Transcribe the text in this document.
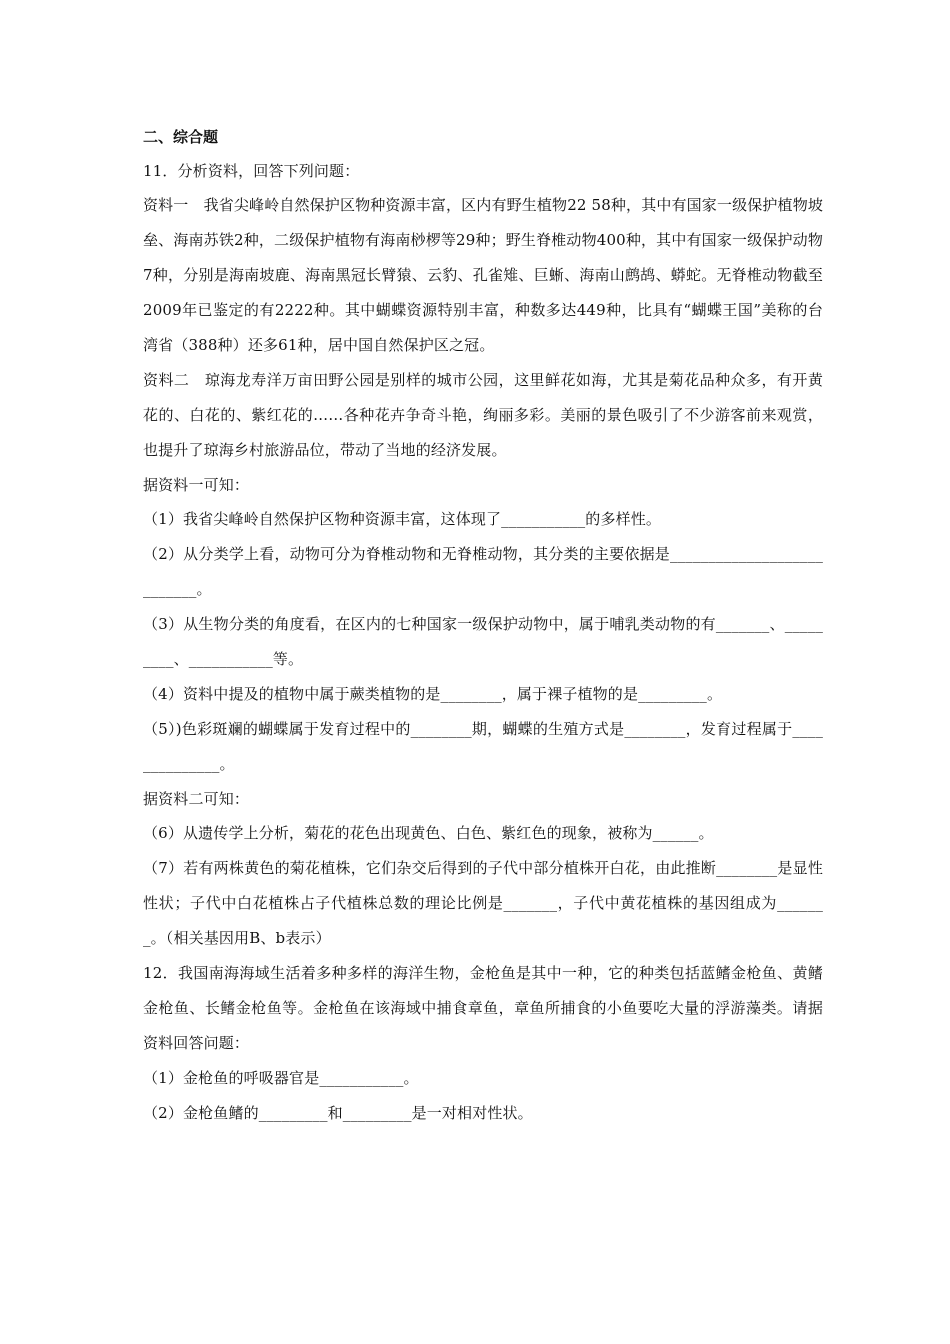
二、综合题

11．分析资料，回答下列问题：

资料一　我省尖峰岭自然保护区物种资源丰富，区内有野生植物22 58种，其中有国家一级保护植物坡垒、海南苏铁2种，二级保护植物有海南桫椤等29种；野生脊椎动物400种，其中有国家一级保护动物7种，分别是海南坡鹿、海南黑冠长臂猿、云豹、孔雀雉、巨蜥、海南山鹧鸪、蟒蛇。无脊椎动物截至2009年已鉴定的有2222种。其中蝴蝶资源特别丰富，种数多达449种，比具有“蝴蝶王国”美称的台湾省（388种）还多61种，居中国自然保护区之冠。

资料二　琼海龙寿洋万亩田野公园是别样的城市公园，这里鲜花如海，尤其是菊花品种众多，有开黄花的、白花的、紫红花的……各种花卉争奇斗艳，绚丽多彩。美丽的景色吸引了不少游客前来观赏，也提升了琼海乡村旅游品位，带动了当地的经济发展。

据资料一可知：

（1）我省尖峰岭自然保护区物种资源丰富，这体现了___________的多样性。

（2）从分类学上看，动物可分为脊椎动物和无脊椎动物，其分类的主要依据是___________________________。

（3）从生物分类的角度看，在区内的七种国家一级保护动物中，属于哺乳类动物的有_______、_________、___________等。

（4）资料中提及的植物中属于蕨类植物的是________，属于裸子植物的是_________。

（5）)色彩斑斓的蝴蝶属于发育过程中的________期，蝴蝶的生殖方式是________，发育过程属于______________。

据资料二可知：

（6）从遗传学上分析，菊花的花色出现黄色、白色、紫红色的现象，被称为______。

（7）若有两株黄色的菊花植株，它们杂交后得到的子代中部分植株开白花，由此推断________是显性性状；子代中白花植株占子代植株总数的理论比例是_______，子代中黄花植株的基因组成为_______。（相关基因用B、b表示）

12．我国南海海域生活着多种多样的海洋生物，金枪鱼是其中一种，它的种类包括蓝鳍金枪鱼、黄鳍金枪鱼、长鳍金枪鱼等。金枪鱼在该海域中捕食章鱼，章鱼所捕食的小鱼要吃大量的浮游藻类。请据资料回答问题：

（1）金枪鱼的呼吸器官是___________。

（2）金枪鱼鳍的_________和_________是一对相对性状。
